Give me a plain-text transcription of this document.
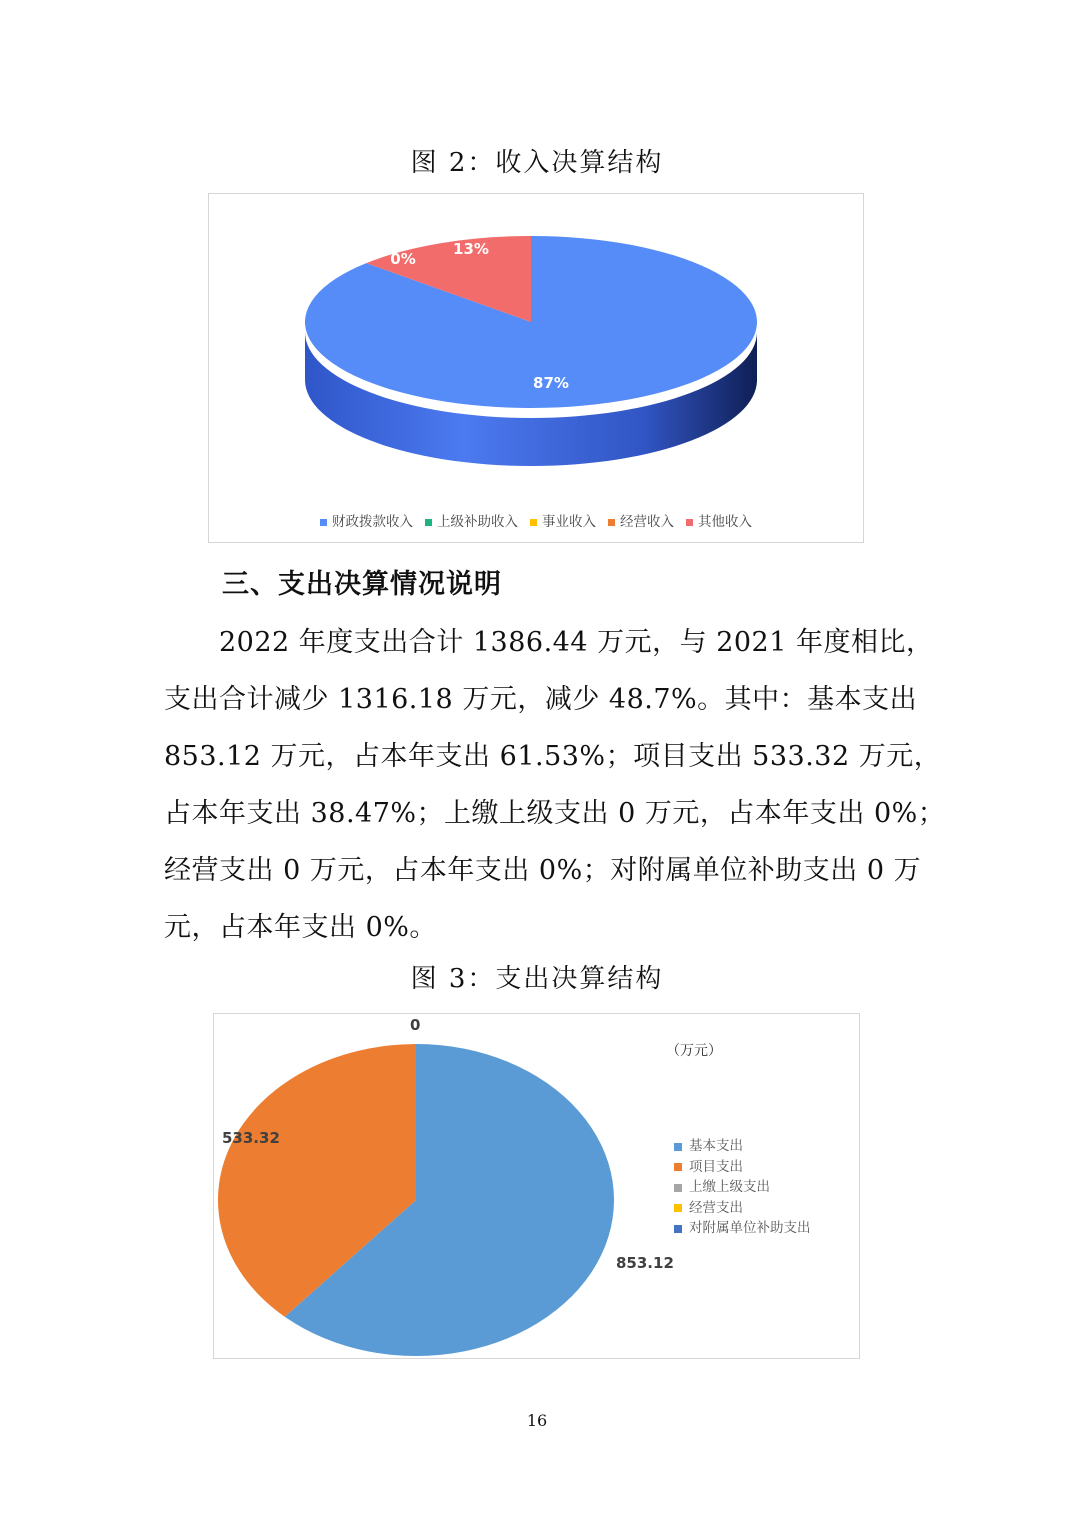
图 2：收入决算结构
87%
0%
13%
财政拨款收入 上级补助收入 事业收入 经营收入 其他收入
三、支出决算情况说明
　　2022 年度支出合计 1386.44 万元，与 2021 年度相比，
支出合计减少 1316.18 万元，减少 48.7%。其中：基本支出
853.12 万元，占本年支出 61.53%；项目支出 533.32 万元，
占本年支出 38.47%；上缴上级支出 0 万元，占本年支出 0%；
经营支出 0 万元，占本年支出 0%；对附属单位补助支出 0 万
元，占本年支出 0%。
图 3：支出决算结构
（万元）
0
533.32
853.12
基本支出
项目支出
上缴上级支出
经营支出
对附属单位补助支出
16
